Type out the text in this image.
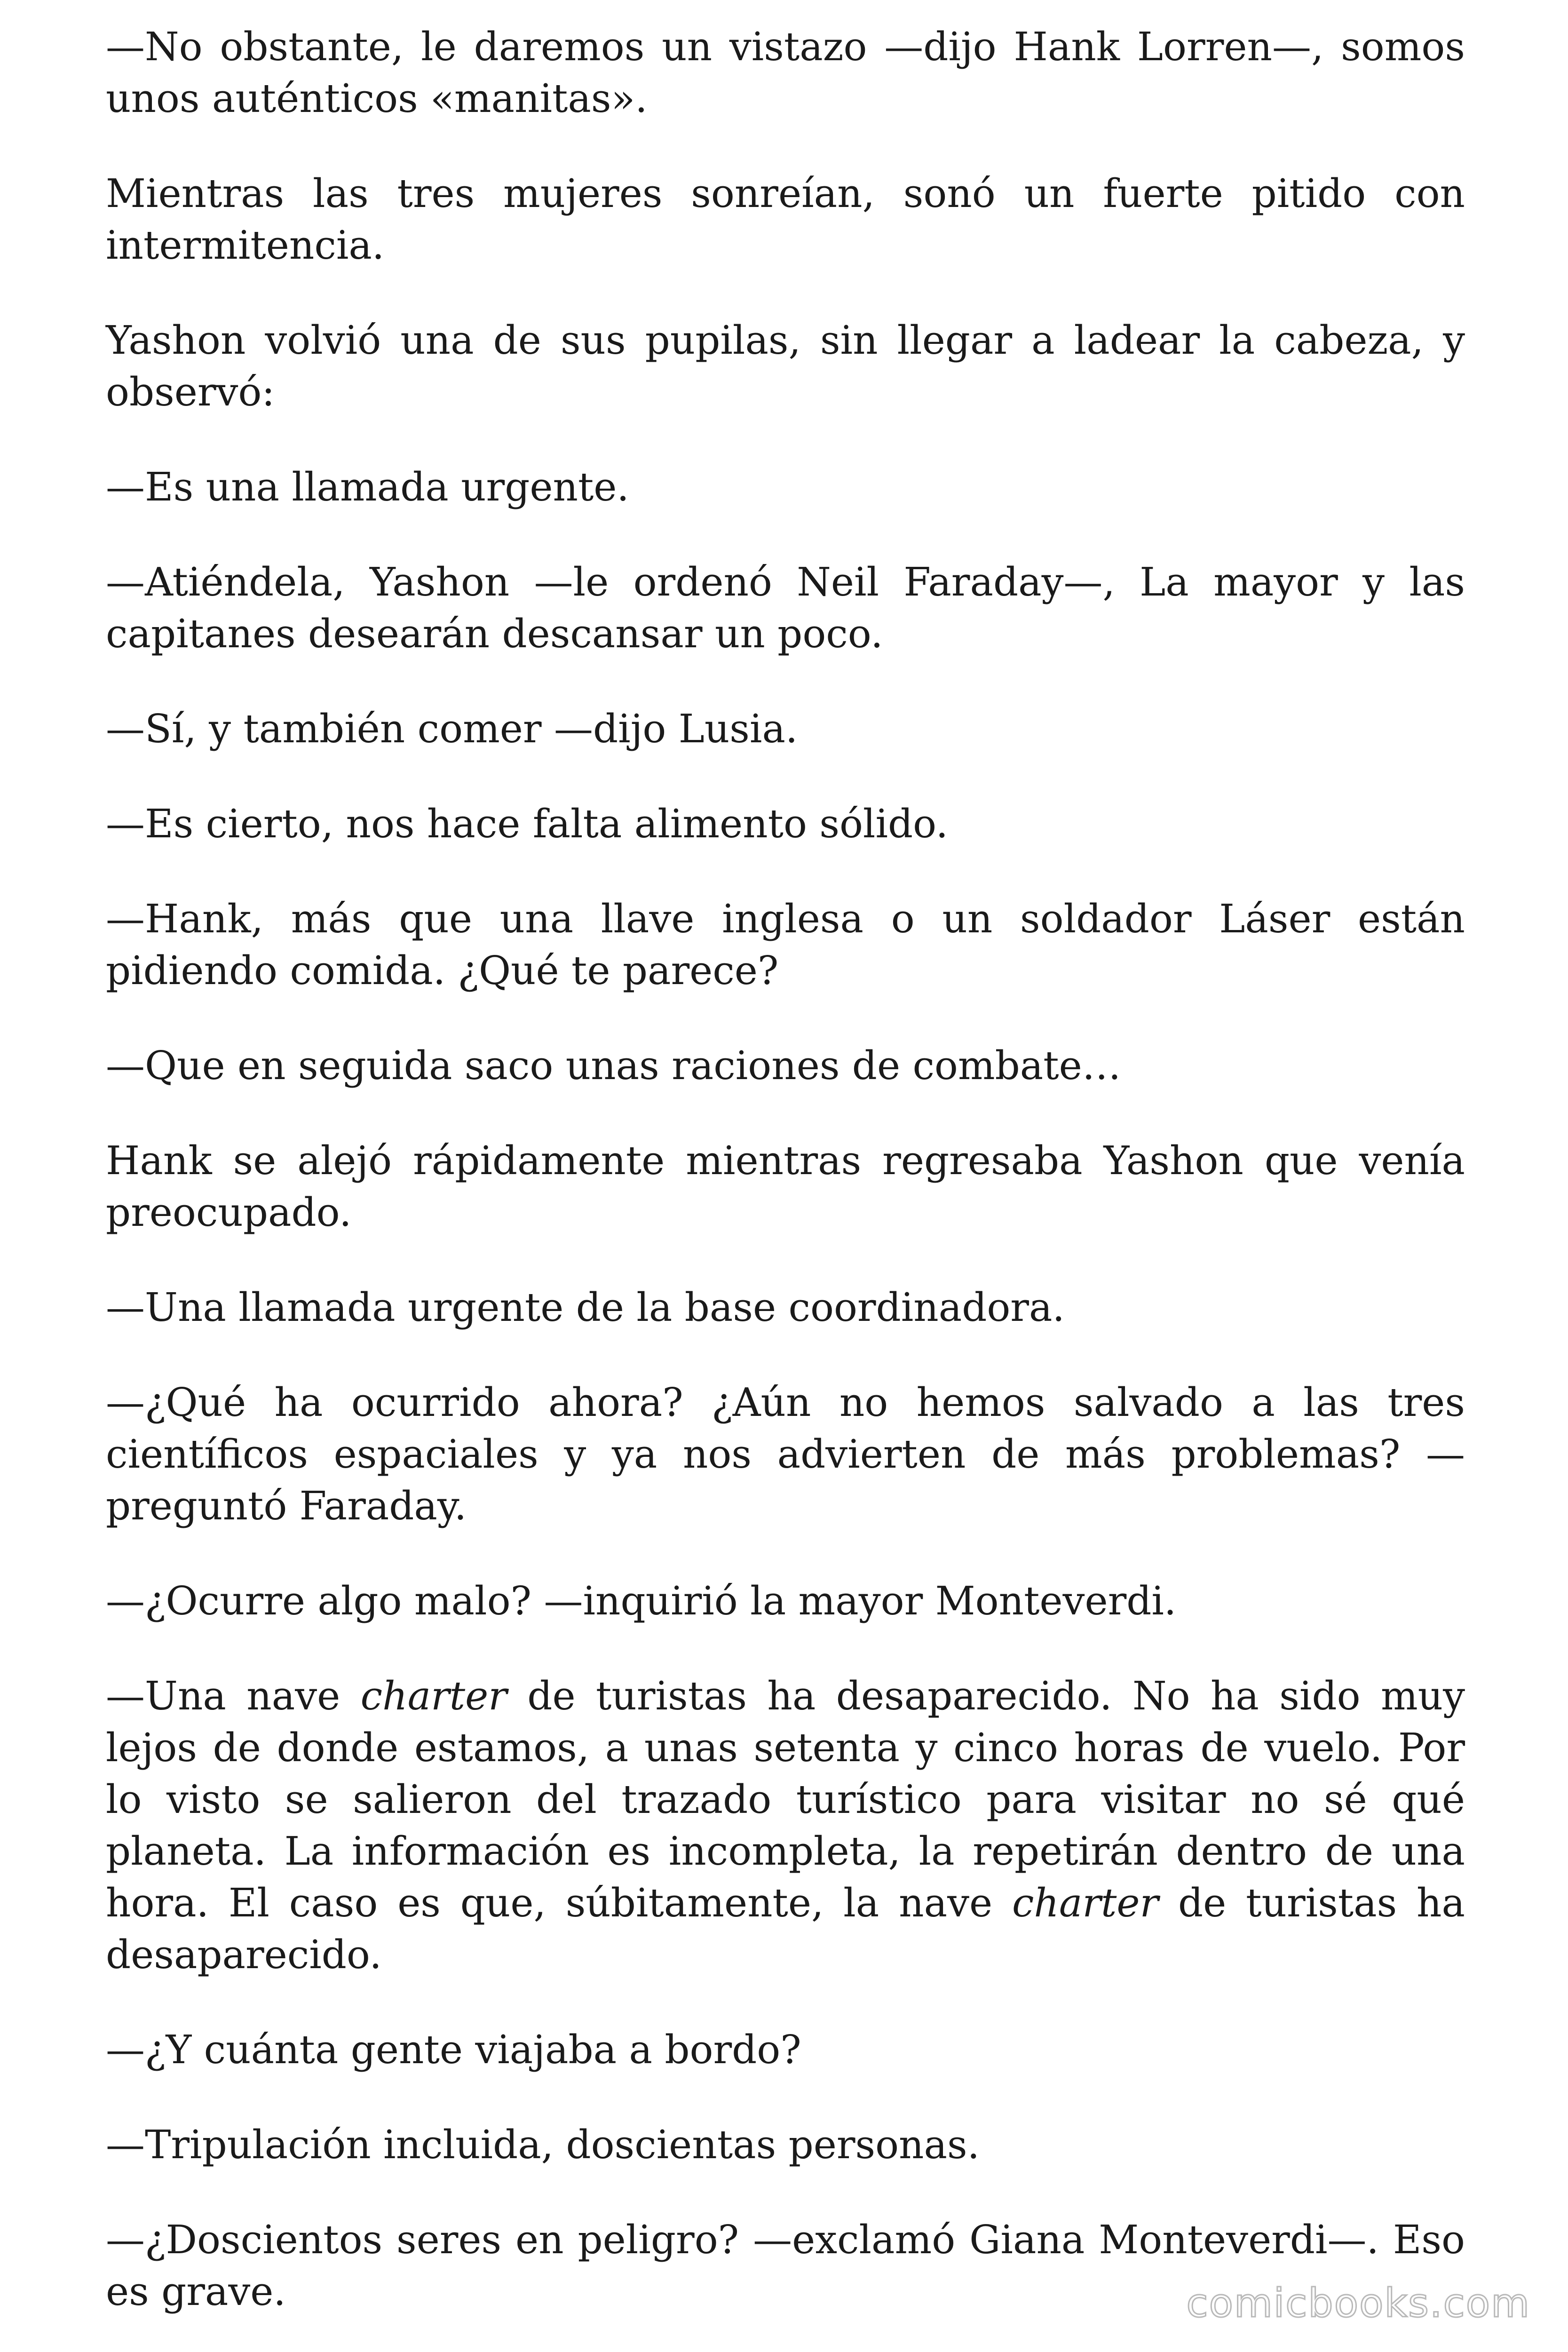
—No obstante, le daremos un vistazo —dijo Hank Lorren—, somos unos auténticos «manitas».

Mientras las tres mujeres sonreían, sonó un fuerte pitido con intermitencia.

Yashon volvió una de sus pupilas, sin llegar a ladear la cabeza, y observó:

—Es una llamada urgente.

—Atiéndela, Yashon —le ordenó Neil Faraday—, La mayor y las capitanes desearán descansar un poco.

—Sí, y también comer —dijo Lusia.

—Es cierto, nos hace falta alimento sólido.

—Hank, más que una llave inglesa o un soldador Láser están pidiendo comida. ¿Qué te parece?

—Que en seguida saco unas raciones de combate…

Hank se alejó rápidamente mientras regresaba Yashon que venía preocupado.

—Una llamada urgente de la base coordinadora.

—¿Qué ha ocurrido ahora? ¿Aún no hemos salvado a las tres científicos espaciales y ya nos advierten de más problemas? —preguntó Faraday.

—¿Ocurre algo malo? —inquirió la mayor Monteverdi.

—Una nave charter de turistas ha desaparecido. No ha sido muy lejos de donde estamos, a unas setenta y cinco horas de vuelo. Por lo visto se salieron del trazado turístico para visitar no sé qué planeta. La información es incompleta, la repetirán dentro de una hora. El caso es que, súbitamente, la nave charter de turistas ha desaparecido.

—¿Y cuánta gente viajaba a bordo?

—Tripulación incluida, doscientas personas.

—¿Doscientos seres en peligro? —exclamó Giana Monteverdi—. Eso es grave.	comicbooks.com
